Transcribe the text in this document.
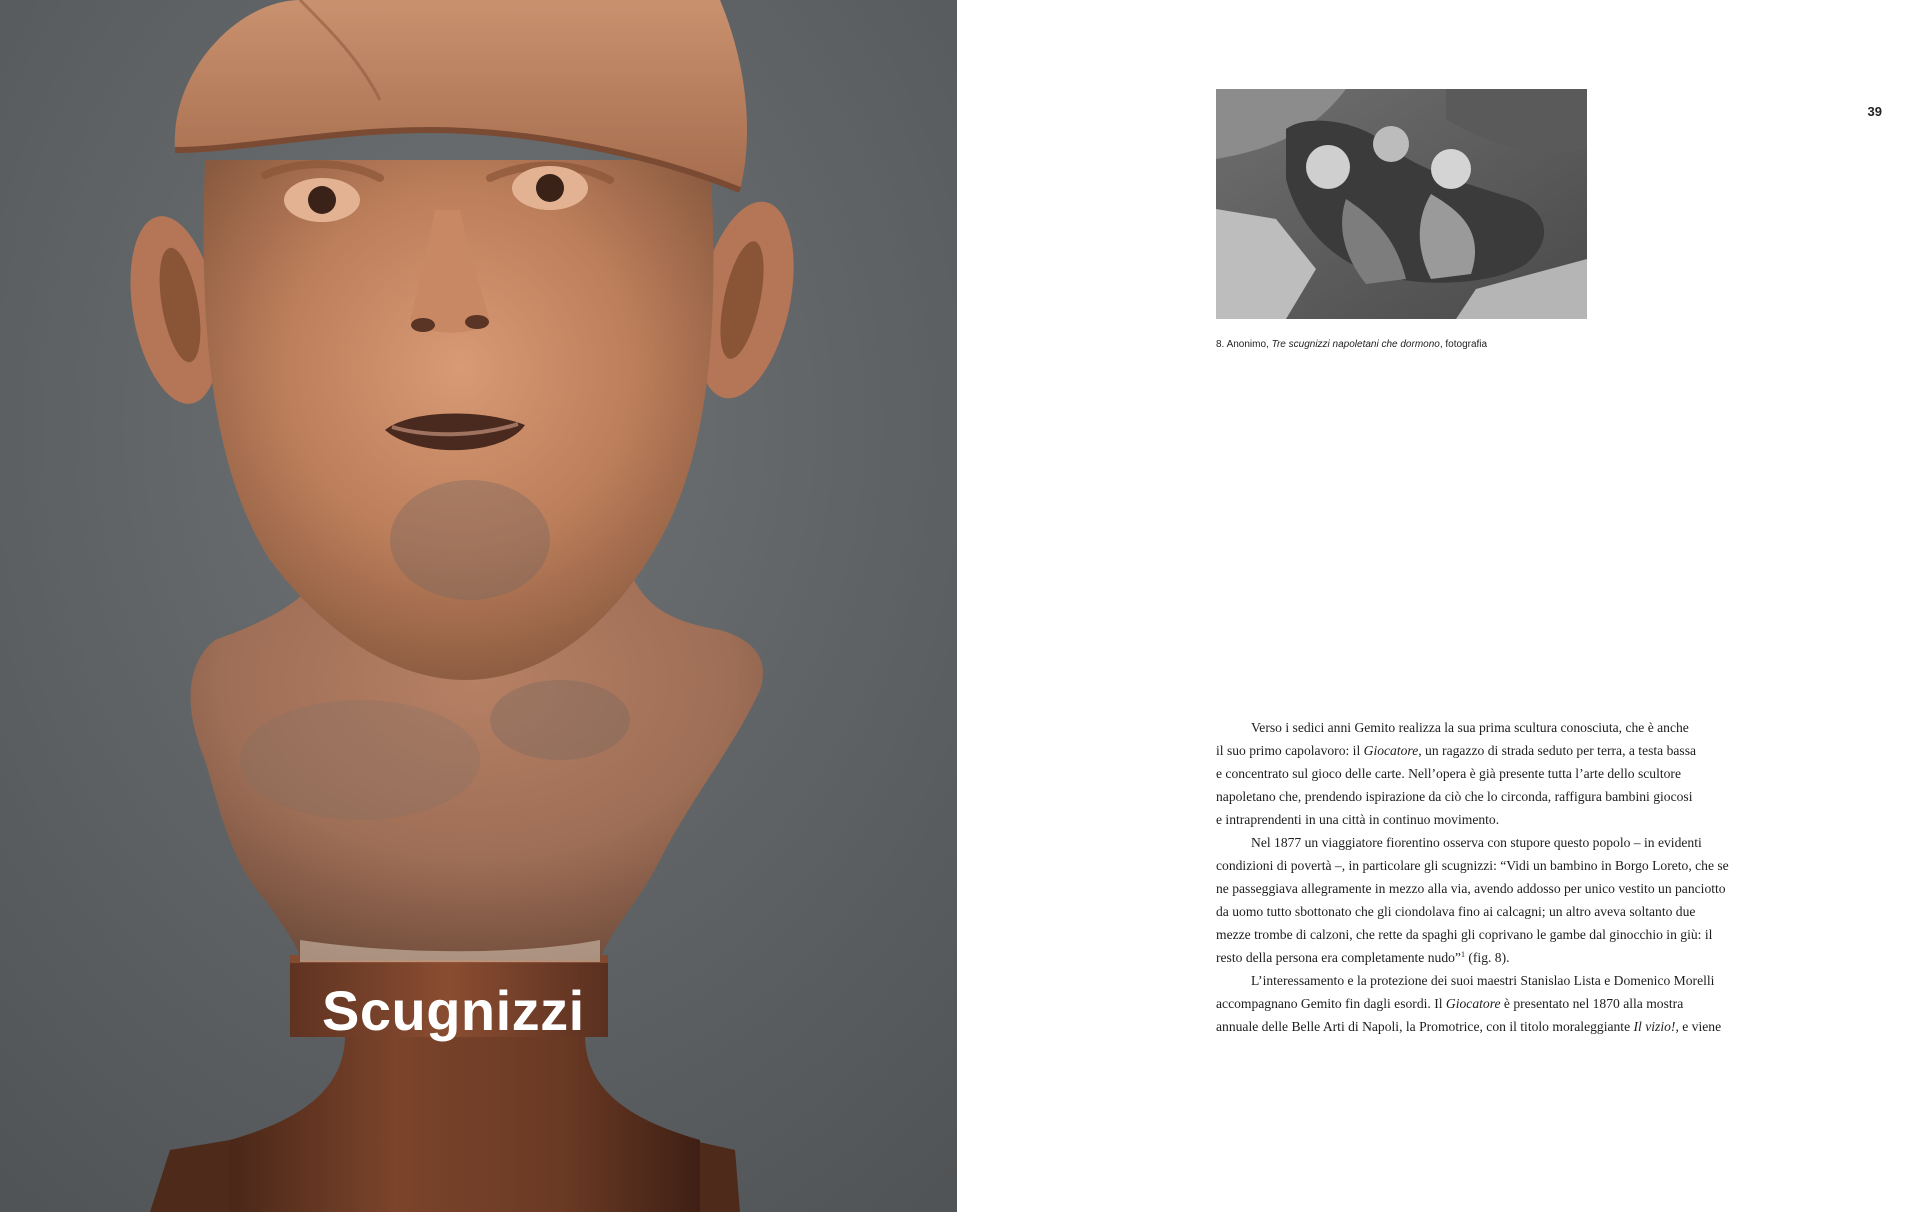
Scugnizzi
39
8. Anonimo, Tre scugnizzi napoletani che dormono, fotografia
Verso i sedici anni Gemito realizza la sua prima scultura conosciuta, che è anche
il suo primo capolavoro: il Giocatore, un ragazzo di strada seduto per terra, a testa bassa
e concentrato sul gioco delle carte. Nell’opera è già presente tutta l’arte dello scultore
napoletano che, prendendo ispirazione da ciò che lo circonda, raffigura bambini giocosi
e intraprendenti in una città in continuo movimento.
Nel 1877 un viaggiatore fiorentino osserva con stupore questo popolo – in evidenti
condizioni di povertà –, in particolare gli scugnizzi: “Vidi un bambino in Borgo Loreto, che se
ne passeggiava allegramente in mezzo alla via, avendo addosso per unico vestito un panciotto
da uomo tutto sbottonato che gli ciondolava fino ai calcagni; un altro aveva soltanto due
mezze trombe di calzoni, che rette da spaghi gli coprivano le gambe dal ginocchio in giù: il
resto della persona era completamente nudo”$^1$ (fig. 8).
L’interessamento e la protezione dei suoi maestri Stanislao Lista e Domenico Morelli
accompagnano Gemito fin dagli esordi. Il Giocatore è presentato nel 1870 alla mostra
annuale delle Belle Arti di Napoli, la Promotrice, con il titolo moraleggiante Il vizio!, e viene
